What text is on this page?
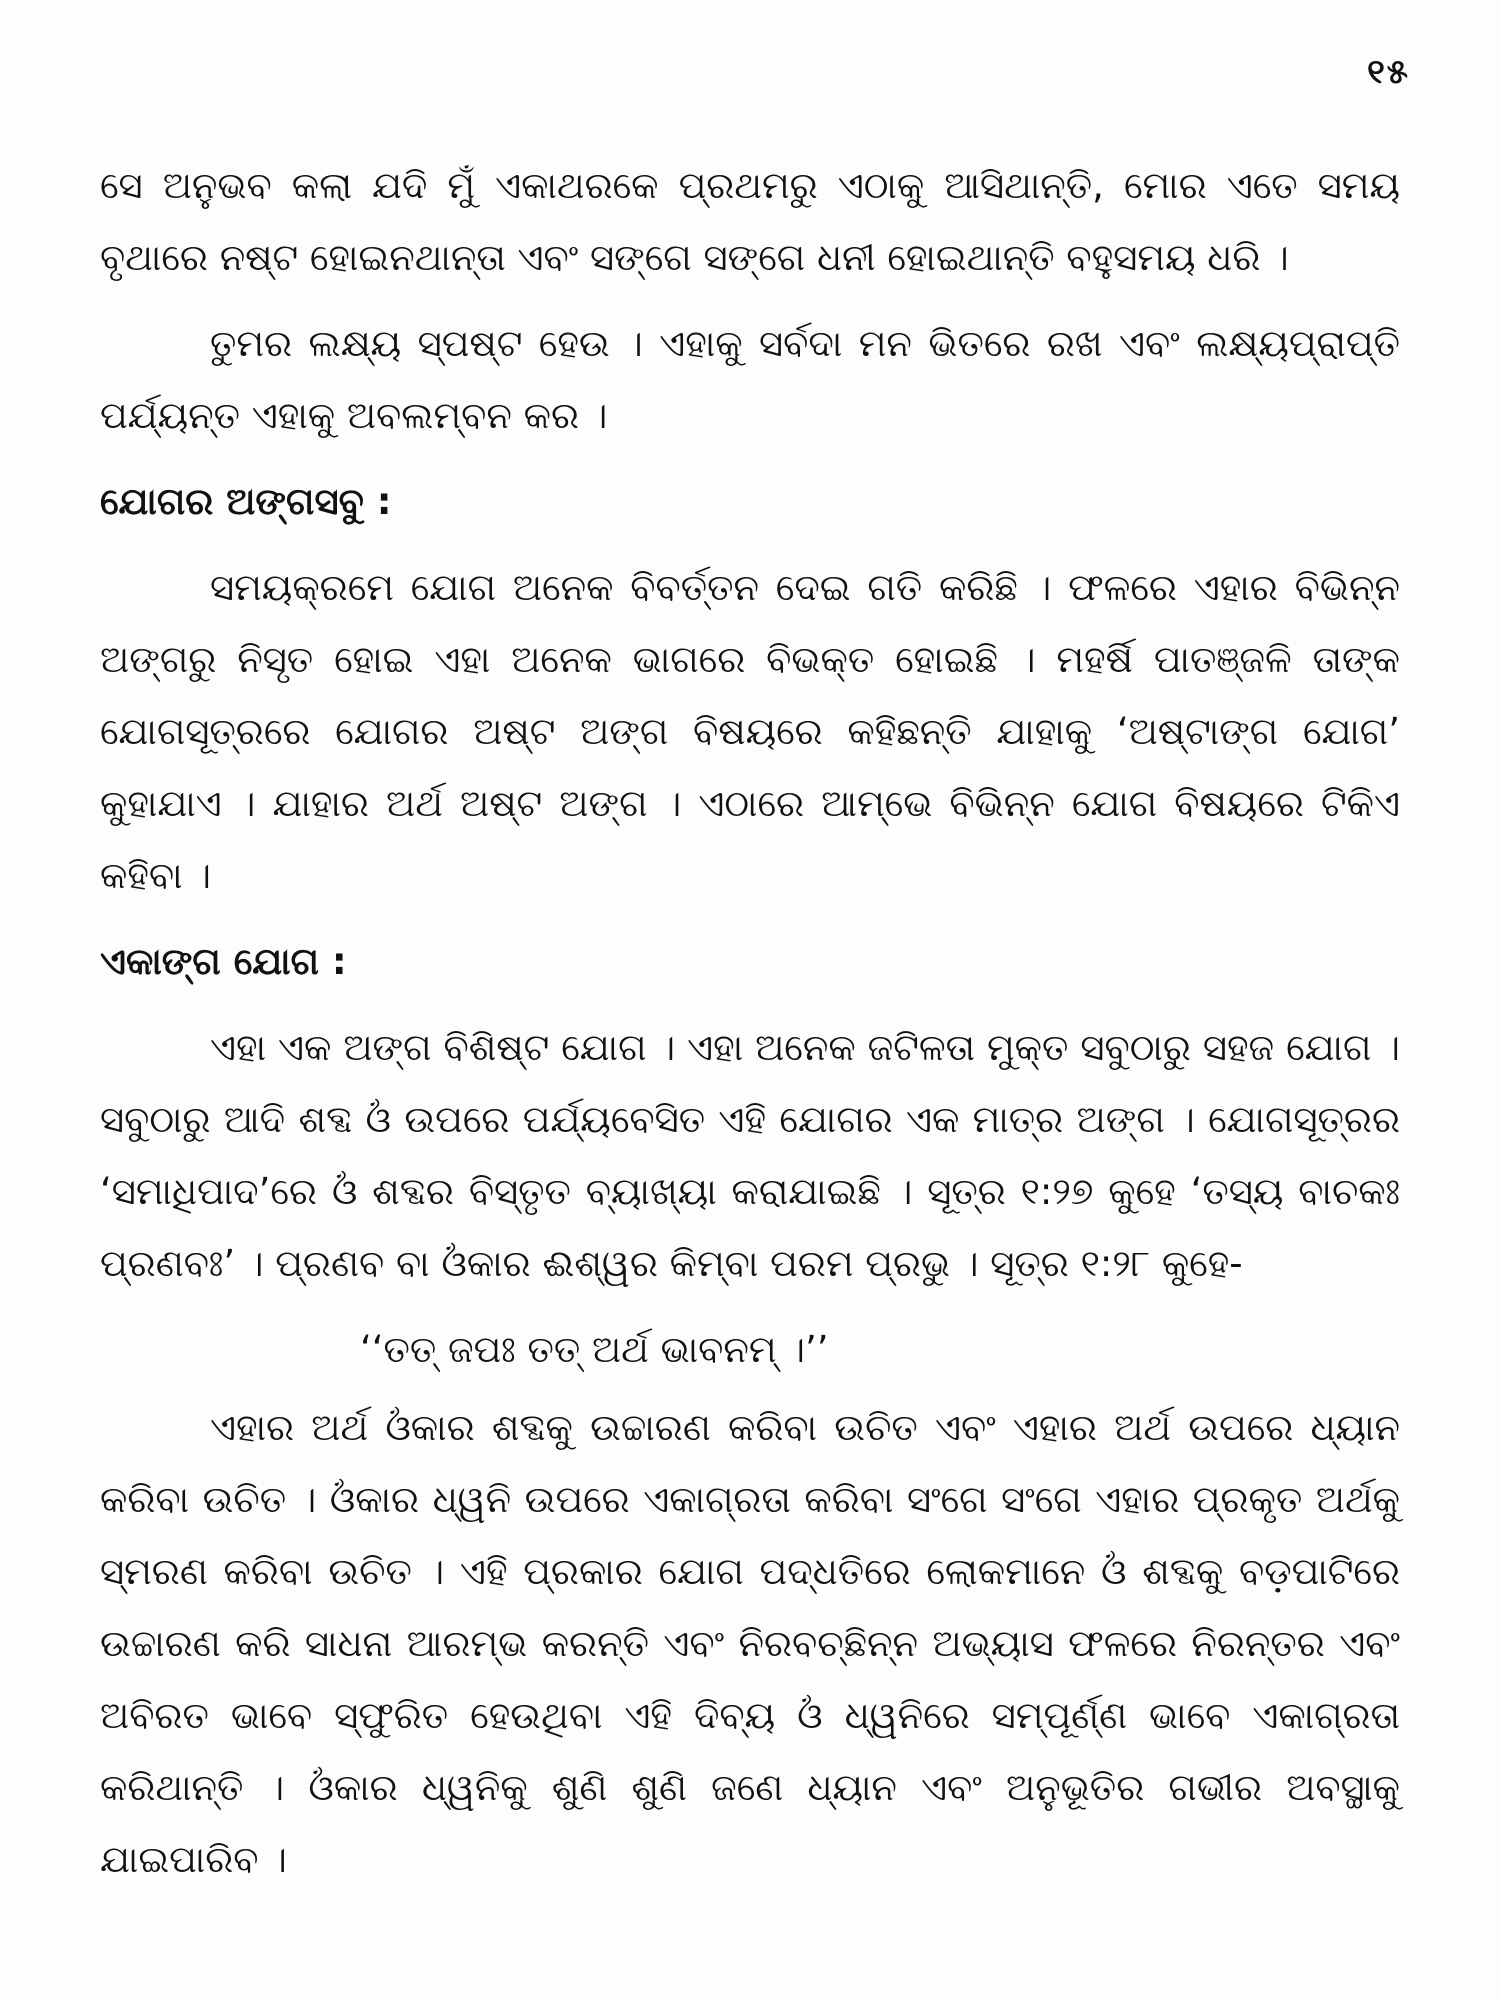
୧୫

ସେ ଅନୁଭବ କଲା ଯଦି ମୁଁ ଏକାଥରକେ ପ୍ରଥମରୁ ଏଠାକୁ ଆସିଥାନ୍ତି, ମୋର ଏତେ ସମୟ ବୃଥାରେ ନଷ୍ଟ ହୋଇନଥାନ୍ତା ଏବଂ ସଙ୍ଗେ ସଙ୍ଗେ ଧନୀ ହୋଇଥାନ୍ତି ବହୁସମୟ ଧରି ।

ତୁମର ଲକ୍ଷ୍ୟ ସ୍ପଷ୍ଟ ହେଉ । ଏହାକୁ ସର୍ବଦା ମନ ଭିତରେ ରଖ ଏବଂ ଲକ୍ଷ୍ୟପ୍ରାପ୍ତି ପର୍ଯ୍ୟନ୍ତ ଏହାକୁ ଅବଲମ୍ବନ କର ।

ଯୋଗର ଅଙ୍ଗସବୁ :

ସମୟକ୍ରମେ ଯୋଗ ଅନେକ ବିବର୍ତ୍ତନ ଦେଇ ଗତି କରିଛି । ଫଳରେ ଏହାର ବିଭିନ୍ନ ଅଙ୍ଗରୁ ନିସୃତ ହୋଇ ଏହା ଅନେକ ଭାଗରେ ବିଭକ୍ତ ହୋଇଛି । ମହର୍ଷି ପାତଞ୍ଜଳି ତାଙ୍କ ଯୋଗସୂତ୍ରରେ ଯୋଗର ଅଷ୍ଟ ଅଙ୍ଗ ବିଷୟରେ କହିଛନ୍ତି ଯାହାକୁ ‘ଅଷ୍ଟାଙ୍ଗ ଯୋଗ’ କୁହାଯାଏ । ଯାହାର ଅର୍ଥ ଅଷ୍ଟ ଅଙ୍ଗ । ଏଠାରେ ଆମ୍ଭେ ବିଭିନ୍ନ ଯୋଗ ବିଷୟରେ ଟିକିଏ କହିବା ।

ଏକାଙ୍ଗ ଯୋଗ :

ଏହା ଏକ ଅଙ୍ଗ ବିଶିଷ୍ଟ ଯୋଗ । ଏହା ଅନେକ ଜଟିଳତା ମୁକ୍ତ ସବୁଠାରୁ ସହଜ ଯୋଗ । ସବୁଠାରୁ ଆଦି ଶବ୍ଦ ଓଁ ଉପରେ ପର୍ଯ୍ୟବେସିତ ଏହି ଯୋଗର ଏକ ମାତ୍ର ଅଙ୍ଗ । ଯୋଗସୂତ୍ରର ‘ସମାଧିପାଦ’ରେ ଓଁ ଶବ୍ଦର ବିସ୍ତୃତ ବ୍ୟାଖ୍ୟା କରାଯାଇଛି । ସୂତ୍ର ୧:୨୭ କୁହେ ‘ତସ୍ୟ ବାଚକଃ ପ୍ରଣବଃ’ । ପ୍ରଣବ ବା ଓଁକାର ଈଶ୍ୱର କିମ୍ବା ପରମ ପ୍ରଭୁ । ସୂତ୍ର ୧:୨୮ କୁହେ-

‘‘ତତ୍ ଜପଃ ତତ୍ ଅର୍ଥ ଭାବନମ୍ ।’’

ଏହାର ଅର୍ଥ ଓଁକାର ଶବ୍ଦକୁ ଉଚ୍ଚାରଣ କରିବା ଉଚିତ ଏବଂ ଏହାର ଅର୍ଥ ଉପରେ ଧ୍ୟାନ କରିବା ଉଚିତ । ଓଁକାର ଧ୍ୱନି ଉପରେ ଏକାଗ୍ରତା କରିବା ସଂଗେ ସଂଗେ ଏହାର ପ୍ରକୃତ ଅର୍ଥକୁ ସ୍ମରଣ କରିବା ଉଚିତ । ଏହି ପ୍ରକାର ଯୋଗ ପଦ୍ଧତିରେ ଲୋକମାନେ ଓଁ ଶବ୍ଦକୁ ବଡ଼ପାଟିରେ ଉଚ୍ଚାରଣ କରି ସାଧନା ଆରମ୍ଭ କରନ୍ତି ଏବଂ ନିରବଚ୍ଛିନ୍ନ ଅଭ୍ୟାସ ଫଳରେ ନିରନ୍ତର ଏବଂ ଅବିରତ ଭାବେ ସ୍ଫୁରିତ ହେଉଥିବା ଏହି ଦିବ୍ୟ ଓଁ ଧ୍ୱନିରେ ସମ୍ପୂର୍ଣ୍ଣ ଭାବେ ଏକାଗ୍ରତା କରିଥାନ୍ତି । ଓଁକାର ଧ୍ୱନିକୁ ଶୁଣି ଶୁଣି ଜଣେ ଧ୍ୟାନ ଏବଂ ଅନୁଭୂତିର ଗଭୀର ଅବସ୍ଥାକୁ ଯାଇପାରିବ ।
